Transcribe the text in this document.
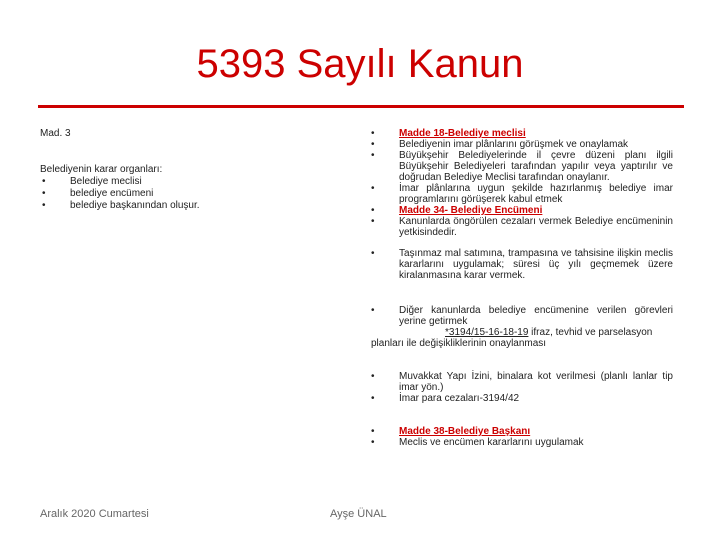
5393 Sayılı Kanun

Mad. 3

Belediyenin karar organları:

• Belediye meclisi
• belediye encümeni
• belediye başkanından oluşur.
• Madde 18-Belediye meclisi
• Belediyenin imar plânlarını görüşmek ve onaylamak
• Büyükşehir Belediyelerinde il çevre düzeni planı ilgili Büyükşehir Belediyeleri tarafından yapılır veya yaptırılır ve doğrudan Belediye Meclisi tarafından onaylanır.
• İmar plânlarına uygun şekilde hazırlanmış belediye imar programlarını görüşerek kabul etmek
• Madde 34- Belediye Encümeni
• Kanunlarda öngörülen cezaları vermek Belediye encümeninin yetkisindedir.
• Taşınmaz mal satımına, trampasına ve tahsisine ilişkin meclis kararlarını uygulamak; süresi üç yılı geçmemek üzere kiralanmasına karar vermek.
• Diğer kanunlarda belediye encümenine verilen görevleri yerine getirmek
*3194/15-16-18-19 ifraz, tevhid ve parselasyon
planları ile değişikliklerinin onaylanması
• Muvakkat Yapı İzini, binalara kot verilmesi (planlı lanlar tip imar yön.)
• İmar para cezaları-3194/42
• Madde 38-Belediye Başkanı
• Meclis ve encümen kararlarını uygulamak
Aralık 2020 Cumartesi	Ayşe ÜNAL
